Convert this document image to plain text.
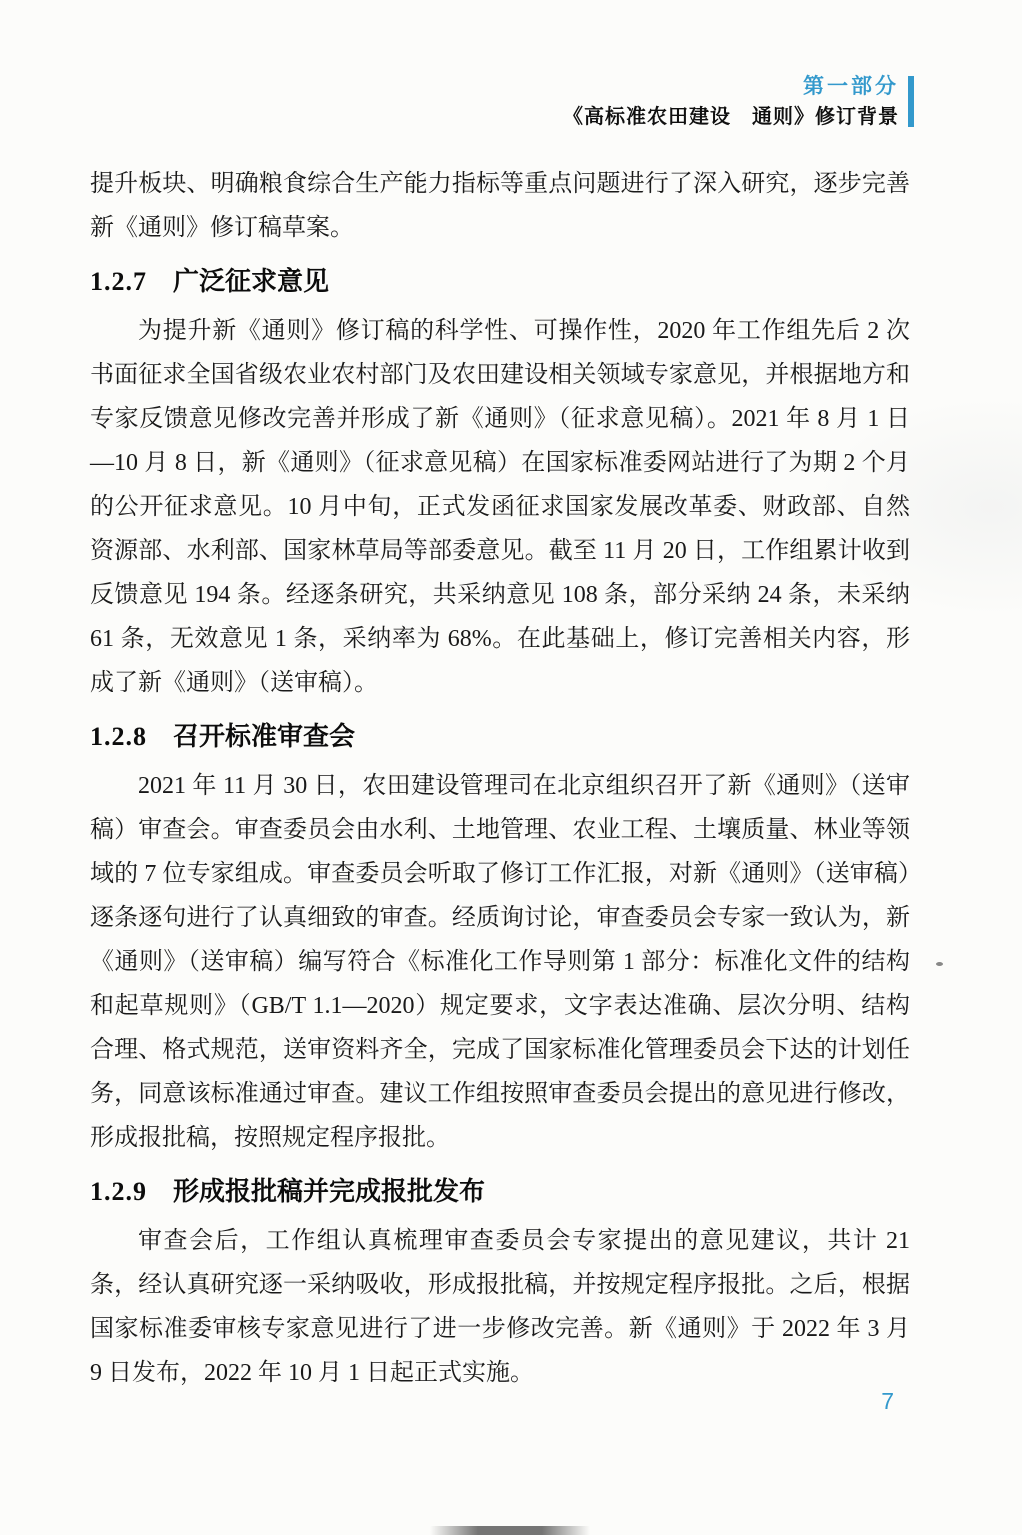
第一部分
《高标准农田建设　通则》修订背景

提升板块、明确粮食综合生产能力指标等重点问题进行了深入研究，逐步完善新《通则》修订稿草案。

1.2.7 广泛征求意见

为提升新《通则》修订稿的科学性、可操作性，2020 年工作组先后 2 次书面征求全国省级农业农村部门及农田建设相关领域专家意见，并根据地方和专家反馈意见修改完善并形成了新《通则》（征求意见稿）。2021 年 8 月 1 日—10 月 8 日，新《通则》（征求意见稿）在国家标准委网站进行了为期 2 个月的公开征求意见。10 月中旬，正式发函征求国家发展改革委、财政部、自然资源部、水利部、国家林草局等部委意见。截至 11 月 20 日，工作组累计收到反馈意见 194 条。经逐条研究，共采纳意见 108 条，部分采纳 24 条，未采纳 61 条，无效意见 1 条，采纳率为 68%。在此基础上，修订完善相关内容，形成了新《通则》（送审稿）。

1.2.8 召开标准审查会

2021 年 11 月 30 日，农田建设管理司在北京组织召开了新《通则》（送审稿）审查会。审查委员会由水利、土地管理、农业工程、土壤质量、林业等领域的 7 位专家组成。审查委员会听取了修订工作汇报，对新《通则》（送审稿）逐条逐句进行了认真细致的审查。经质询讨论，审查委员会专家一致认为，新《通则》（送审稿）编写符合《标准化工作导则第 1 部分：标准化文件的结构和起草规则》（GB/T 1.1—2020）规定要求，文字表达准确、层次分明、结构合理、格式规范，送审资料齐全，完成了国家标准化管理委员会下达的计划任务，同意该标准通过审查。建议工作组按照审查委员会提出的意见进行修改，形成报批稿，按照规定程序报批。

1.2.9 形成报批稿并完成报批发布

审查会后，工作组认真梳理审查委员会专家提出的意见建议，共计 21 条，经认真研究逐一采纳吸收，形成报批稿，并按规定程序报批。之后，根据国家标准委审核专家意见进行了进一步修改完善。新《通则》于 2022 年 3 月 9 日发布，2022 年 10 月 1 日起正式实施。

7
